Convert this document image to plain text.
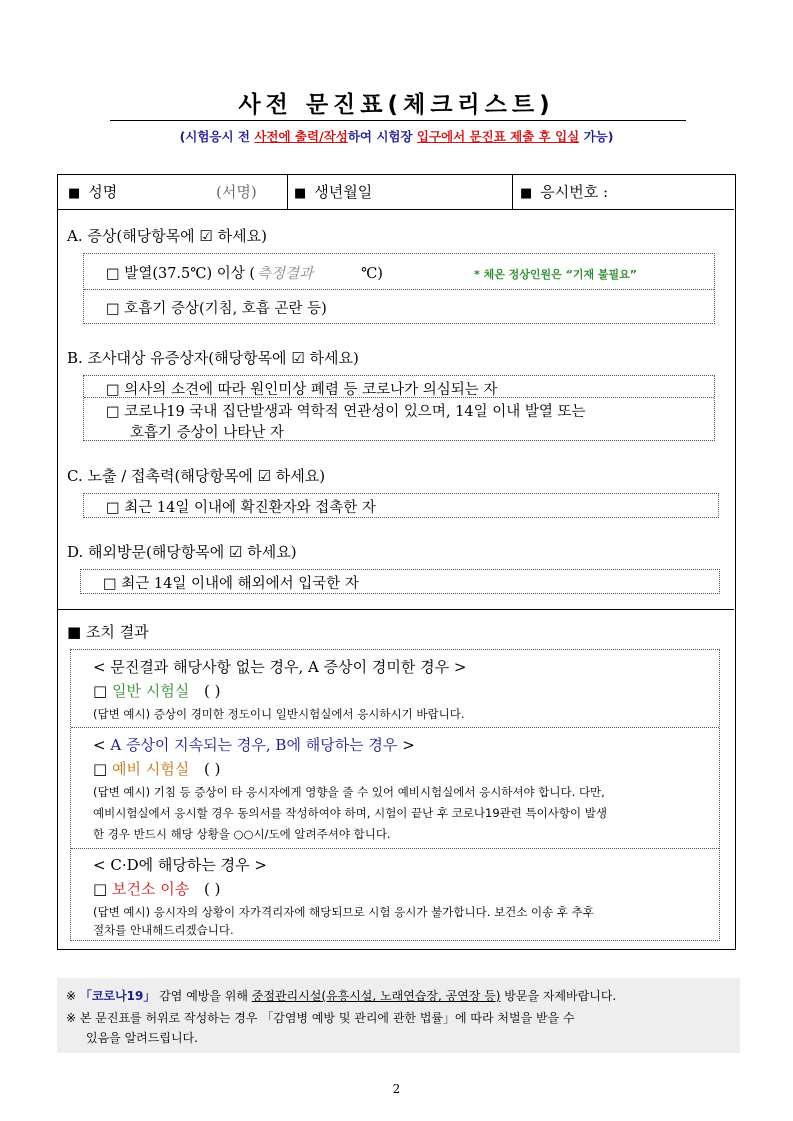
사전 문진표(체크리스트)
(시험응시 전 사전에 출력/작성하여 시험장 입구에서 문진표 제출 후 입실 가능)
■ 성명	(서명)	■ 생년월일	■ 응시번호 :
A. 증상(해당항목에 ☑ 하세요)
□ 발열(37.5℃) 이상 ( 측정결과	℃)	* 체온 정상인원은 “기재 불필요”
□ 호흡기 증상(기침, 호흡 곤란 등)
B. 조사대상 유증상자(해당항목에 ☑ 하세요)
□ 의사의 소견에 따라 원인미상 폐렴 등 코로나가 의심되는 자
□ 코로나19 국내 집단발생과 역학적 연관성이 있으며, 14일 이내 발열 또는
호흡기 증상이 나타난 자
C. 노출 / 접촉력(해당항목에 ☑ 하세요)
□ 최근 14일 이내에 확진환자와 접촉한 자
D. 해외방문(해당항목에 ☑ 하세요)
□ 최근 14일 이내에 해외에서 입국한 자
■ 조치 결과
< 문진결과 해당사항 없는 경우, A 증상이 경미한 경우 >
□ 일반 시험실 ( )
(답변 예시) 증상이 경미한 정도이니 일반시험실에서 응시하시기 바랍니다.
< A 증상이 지속되는 경우, B에 해당하는 경우 >
□ 예비 시험실 ( )
(답변 예시) 기침 등 증상이 타 응시자에게 영향을 줄 수 있어 예비시험실에서 응시하셔야 합니다. 다만,
예비시험실에서 응시할 경우 동의서를 작성하여야 하며, 시험이 끝난 후 코로나19관련 특이사항이 발생
한 경우 반드시 해당 상황을 ○○시/도에 알려주셔야 합니다.
< C·D에 해당하는 경우 >
□ 보건소 이송 ( )
(답변 예시) 응시자의 상황이 자가격리자에 해당되므로 시험 응시가 불가합니다. 보건소 이송 후 추후
절차를 안내해드리겠습니다.
※ 「코로나19」 감염 예방을 위해 중점관리시설(유흥시설, 노래연습장, 공연장 등) 방문을 자제바랍니다.
※ 본 문진표를 허위로 작성하는 경우 「감염병 예방 및 관리에 관한 법률」에 따라 처벌을 받을 수
있음을 알려드립니다.
2
